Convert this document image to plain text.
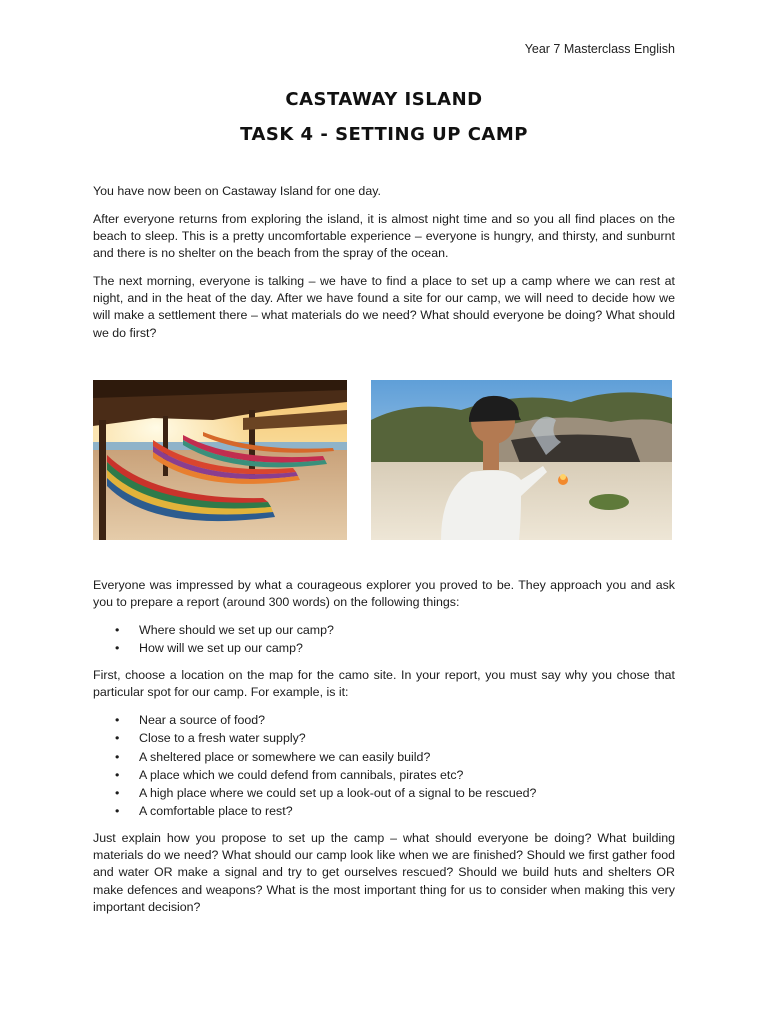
Year 7 Masterclass English
CASTAWAY ISLAND
TASK 4 - SETTING UP CAMP
You have now been on Castaway Island for one day.
After everyone returns from exploring the island, it is almost night time and so you all find places on the beach to sleep. This is a pretty uncomfortable experience – everyone is hungry, and thirsty, and sunburnt and there is no shelter on the beach from the spray of the ocean.
The next morning, everyone is talking – we have to find a place to set up a camp where we can rest at night, and in the heat of the day. After we have found a site for our camp, we will need to decide how we will make a settlement there – what materials do we need? What should everyone be doing? What should we do first?
Everyone was impressed by what a courageous explorer you proved to be. They approach you and ask you to prepare a report (around 300 words) on the following things:
• Where should we set up our camp?
• How will we set up our camp?
First, choose a location on the map for the camo site. In your report, you must say why you chose that particular spot for our camp. For example, is it:
• Near a source of food?
• Close to a fresh water supply?
• A sheltered place or somewhere we can easily build?
• A place which we could defend from cannibals, pirates etc?
• A high place where we could set up a look-out of a signal to be rescued?
• A comfortable place to rest?
Just explain how you propose to set up the camp – what should everyone be doing? What building materials do we need? What should our camp look like when we are finished? Should we first gather food and water OR make a signal and try to get ourselves rescued? Should we build huts and shelters OR make defences and weapons? What is the most important thing for us to consider when making this very important decision?
